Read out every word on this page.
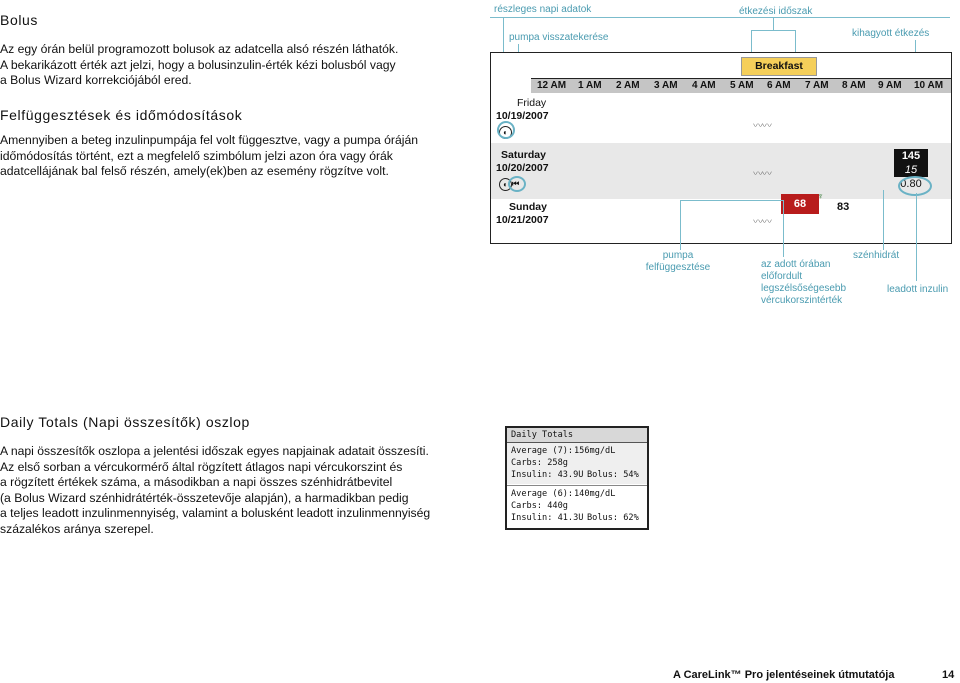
Bolus
Az egy órán belül programozott bolusok az adatcella alsó részén láthatók.
A bekarikázott érték azt jelzi, hogy a bolusinzulin-érték kézi bolusból vagy
a Bolus Wizard korrekciójából ered.
Felfüggesztések és időmódosítások
Amennyiben a beteg inzulinpumpája fel volt függesztve, vagy a pumpa óráján
időmódosítás történt, ezt a megfelelő szimbólum jelzi azon óra vagy órák
adatcellájának bal felső részén, amely(ek)ben az esemény rögzítve volt.
részleges napi adatok
pumpa visszatekerése
étkezési időszak
kihagyott étkezés
Breakfast
12 AM 1 AM 2 AM 3 AM 4 AM 5 AM 6 AM 7 AM 8 AM 9 AM 10 AM
Friday
10/19/2007
◐
〰〰
Saturday
10/20/2007
◐ ⏮
〰〰
145
15
0.80
Sunday
10/21/2007
68
♆
83
〰〰
pumpa
felfüggesztése	az adott órában
előfordult
legszélsőségesebb
vércukorszintérték
szénhidrát
leadott inzulin
Daily Totals (Napi összesítők) oszlop
A napi összesítők oszlopa a jelentési időszak egyes napjainak adatait összesíti.
Az első sorban a vércukormérő által rögzített átlagos napi vércukorszint és
a rögzített értékek száma, a másodikban a napi összes szénhidrátbevitel
(a Bolus Wizard szénhidrátérték-összetevője alapján), a harmadikban pedig
a teljes leadott inzulinmennyiség, valamint a bolusként leadott inzulinmennyiség
százalékos aránya szerepel.
Daily Totals
Average (7): 156mg/dL
Carbs: 258g
Insulin: 43.9U Bolus: 54%
Average (6): 140mg/dL
Carbs: 440g
Insulin: 41.3U Bolus: 62%
A CareLink™ Pro jelentéseinek útmutatója	14
